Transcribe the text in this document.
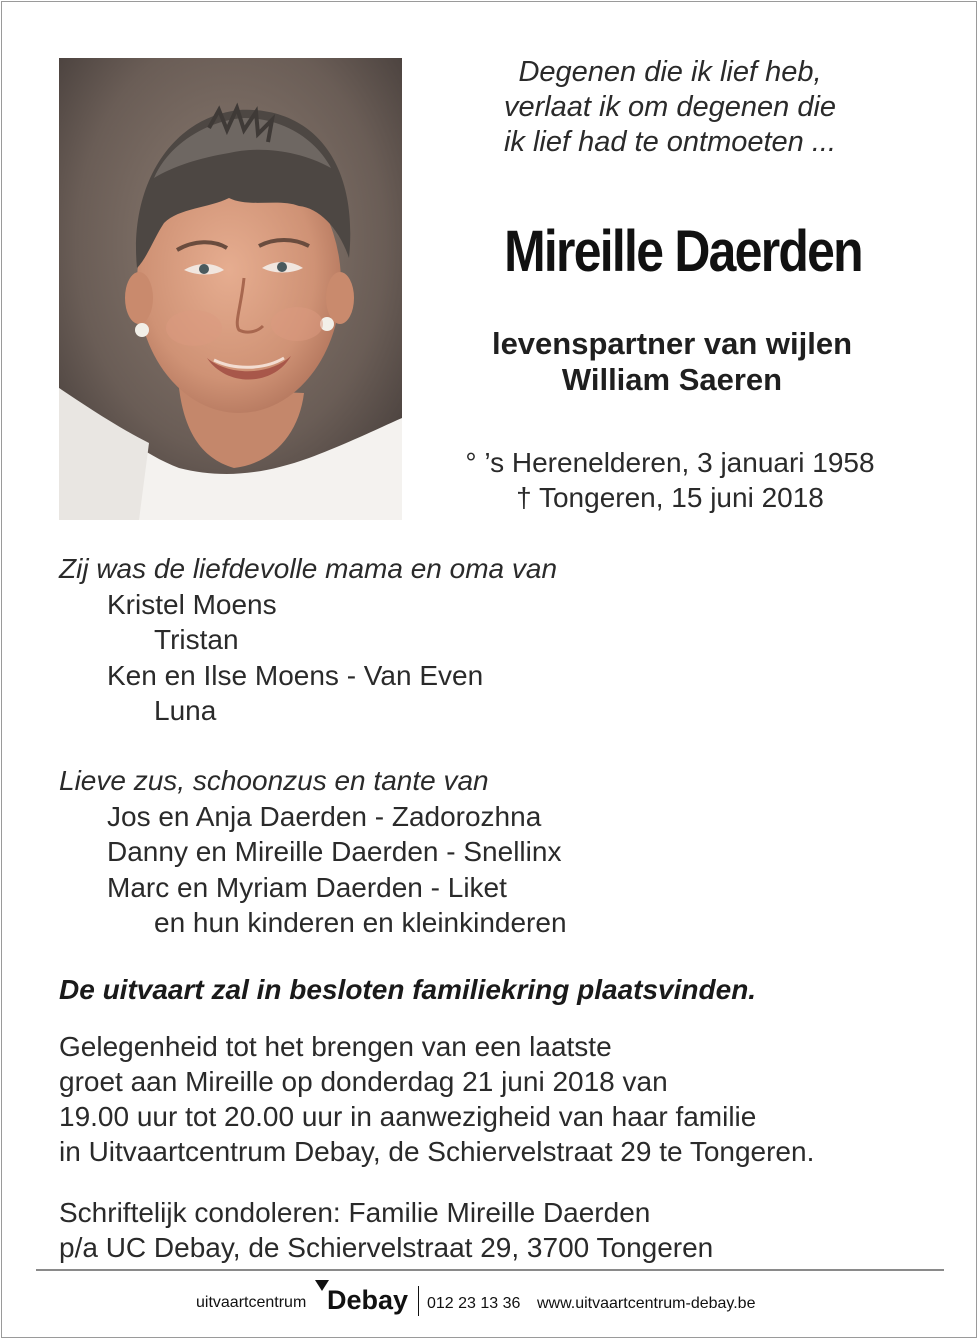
Degenen die ik lief heb,
verlaat ik om degenen die
ik lief had te ontmoeten ...
Mireille Daerden
levenspartner van wijlen
William Saeren
° ’s Herenelderen, 3 januari 1958
† Tongeren, 15 juni 2018
Zij was de liefdevolle mama en oma van
Kristel Moens
Tristan
Ken en Ilse Moens - Van Even
Luna
Lieve zus, schoonzus en tante van
Jos en Anja Daerden - Zadorozhna
Danny en Mireille Daerden - Snellinx
Marc en Myriam Daerden - Liket
en hun kinderen en kleinkinderen
De uitvaart zal in besloten familiekring plaatsvinden.
Gelegenheid tot het brengen van een laatste
groet aan Mireille op donderdag 21 juni 2018 van
19.00 uur tot 20.00 uur in aanwezigheid van haar familie
in Uitvaartcentrum Debay, de Schiervelstraat 29 te Tongeren.
Schriftelijk condoleren: Familie Mireille Daerden
p/a UC Debay, de Schiervelstraat 29, 3700 Tongeren
uitvaartcentrum Debay 012 23 13 36 www.uitvaartcentrum-debay.be
